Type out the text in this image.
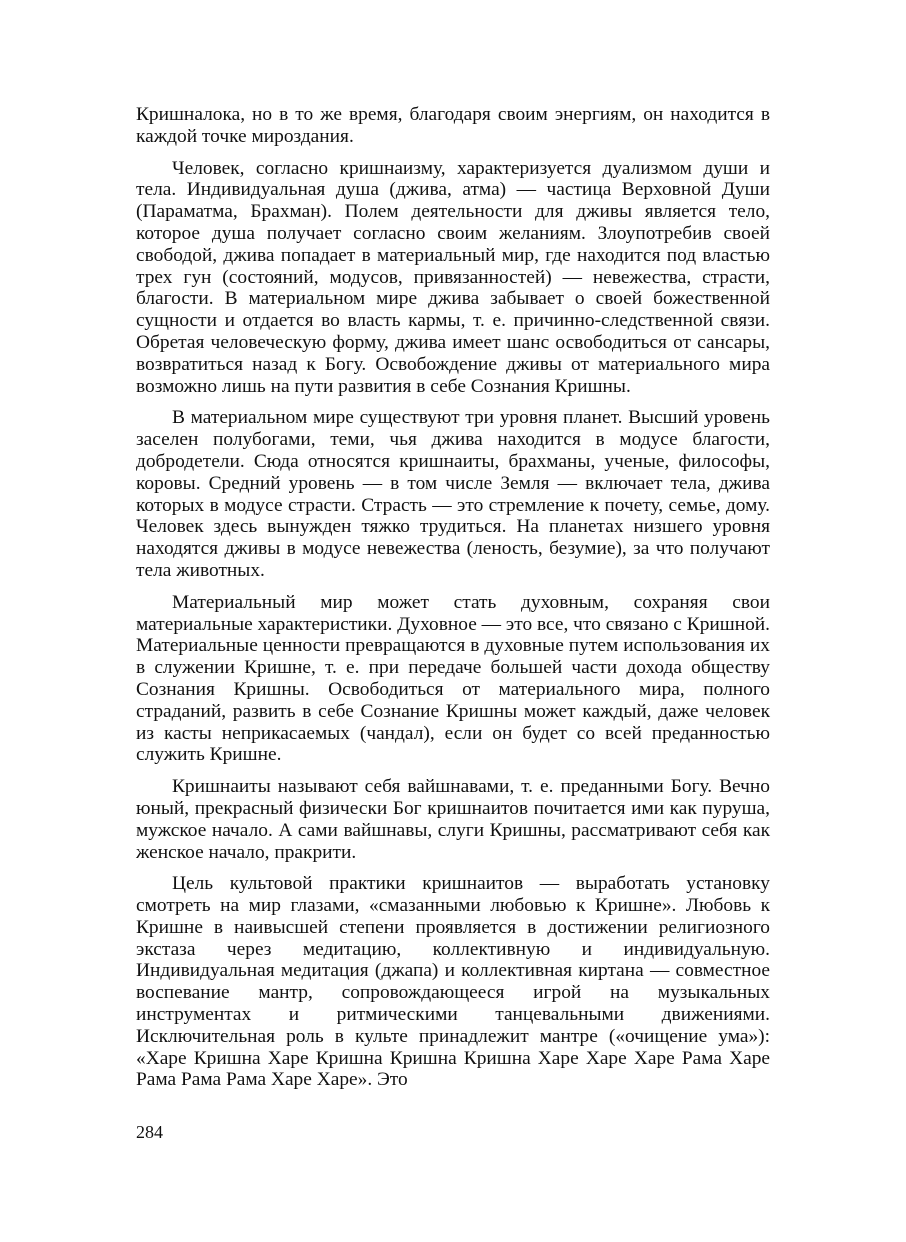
Кришналока, но в то же время, благодаря своим энергиям, он находится в каждой точке мироздания.

Человек, согласно кришнаизму, характеризуется дуализмом души и тела. Индивидуальная душа (джива, атма) — частица Верховной Души (Параматма, Брахман). Полем деятельности для дживы является тело, которое душа получает согласно своим желаниям. Злоупотребив своей свободой, джива попадает в материальный мир, где находится под властью трех гун (состояний, модусов, привязанностей) — невежества, страсти, благости. В материальном мире джива забывает о своей божественной сущности и отдается во власть кармы, т. е. причинно-следственной связи. Обретая человеческую форму, джива имеет шанс освободиться от сансары, возвратиться назад к Богу. Освобождение дживы от материального мира возможно лишь на пути развития в себе Сознания Кришны.

В материальном мире существуют три уровня планет. Высший уровень заселен полубогами, теми, чья джива находится в модусе благости, добродетели. Сюда относятся кришнаиты, брахманы, ученые, философы, коровы. Средний уровень — в том числе Земля — включает тела, джива которых в модусе страсти. Страсть — это стремление к почету, семье, дому. Человек здесь вынужден тяжко трудиться. На планетах низшего уровня находятся дживы в модусе невежества (леность, безумие), за что получают тела животных.

Материальный мир может стать духовным, сохраняя свои материальные характеристики. Духовное — это все, что связано с Кришной. Материальные ценности превращаются в духовные путем использования их в служении Кришне, т. е. при передаче большей части дохода обществу Сознания Кришны. Освободиться от материального мира, полного страданий, развить в себе Сознание Кришны может каждый, даже человек из касты неприкасаемых (чандал), если он будет со всей преданностью служить Кришне.

Кришнаиты называют себя вайшнавами, т. е. преданными Богу. Вечно юный, прекрасный физически Бог кришнаитов почитается ими как пуруша, мужское начало. А сами вайшнавы, слуги Кришны, рассматривают себя как женское начало, пракрити.

Цель культовой практики кришнаитов — выработать установку смотреть на мир глазами, «смазанными любовью к Кришне». Любовь к Кришне в наивысшей степени проявляется в достижении религиозного экстаза через медитацию, коллективную и индивидуальную. Индивидуальная медитация (джапа) и коллективная киртана — совместное воспевание мантр, сопровождающееся игрой на музыкальных инструментах и ритмическими танцевальными движениями. Исключительная роль в культе принадлежит мантре («очищение ума»): «Харе Кришна Харе Кришна Кришна Кришна Харе Харе Харе Рама Харе Рама Рама Рама Харе Харе». Это

284
